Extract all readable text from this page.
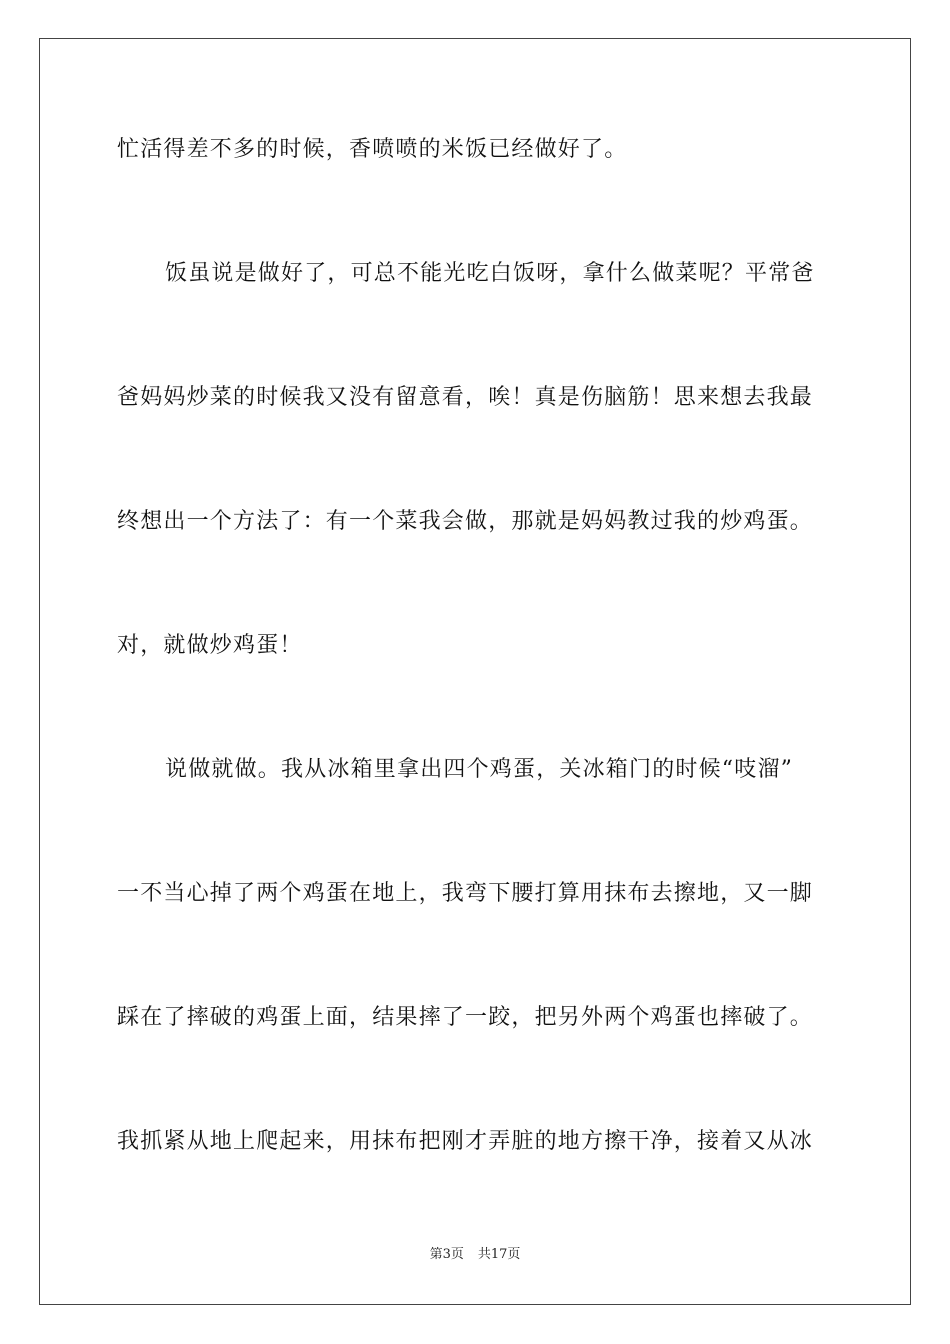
忙活得差不多的时候，香喷喷的米饭已经做好了。
饭虽说是做好了，可总不能光吃白饭呀，拿什么做菜呢？平常爸
爸妈妈炒菜的时候我又没有留意看，唉！真是伤脑筋！思来想去我最
终想出一个方法了：有一个菜我会做，那就是妈妈教过我的炒鸡蛋。
对，就做炒鸡蛋！
说做就做。我从冰箱里拿出四个鸡蛋，关冰箱门的时候“吱溜”
一不当心掉了两个鸡蛋在地上，我弯下腰打算用抹布去擦地，又一脚
踩在了摔破的鸡蛋上面，结果摔了一跤，把另外两个鸡蛋也摔破了。
我抓紧从地上爬起来，用抹布把刚才弄脏的地方擦干净，接着又从冰
第3页 共17页
